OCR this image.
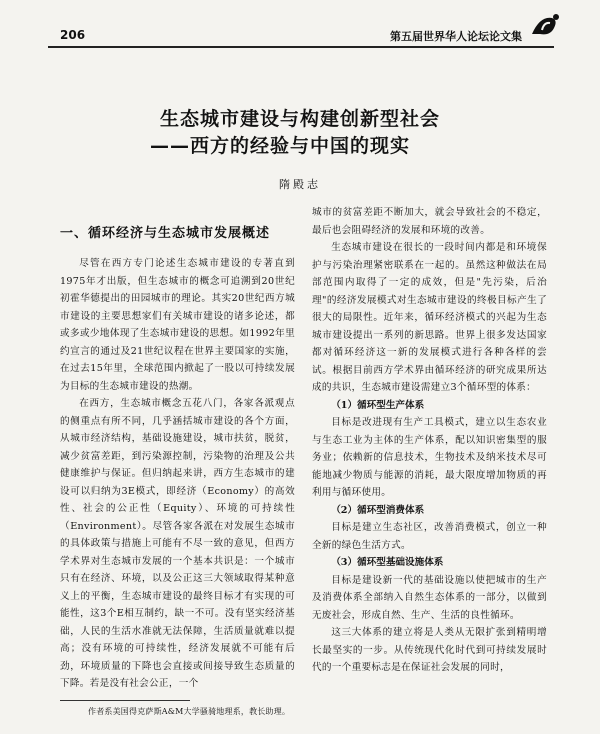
206	第五届世界华人论坛论文集
生态城市建设与构建创新型社会
——西方的经验与中国的现实
隋殿志
一、循环经济与生态城市发展概述

尽管在西方专门论述生态城市建设的专著直到1975年才出版，但生态城市的概念可追溯到20世纪初霍华德提出的田园城市的理论。其实20世纪西方城市建设的主要思想家们有关城市建设的诸多论述，都或多或少地体现了生态城市建设的思想。如1992年里约宣言的通过及21世纪议程在世界主要国家的实施，在过去15年里，全球范围内掀起了一股以可持续发展为目标的生态城市建设的热潮。

在西方，生态城市概念五花八门，各家各派观点的侧重点有所不同，几乎涵括城市建设的各个方面，从城市经济结构，基础设施建设，城市扶贫，脱贫，减少贫富差距，到污染源控制，污染物的治理及公共健康维护与保证。但归纳起来讲，西方生态城市的建设可以归纳为3E模式，即经济（Economy）的高效性、社会的公正性（Equity）、环境的可持续性（Environment）。尽管各家各派在对发展生态城市的具体政策与措施上可能有不尽一致的意见，但西方学术界对生态城市发展的一个基本共识是：一个城市只有在经济、环境，以及公正这三大领域取得某种意义上的平衡，生态城市建设的最终目标才有实现的可能性，这3个E相互制约，缺一不可。没有坚实经济基础，人民的生活水准就无法保障，生活质量就难以提高；没有环境的可持续性，经济发展就不可能有后劲，环境质量的下降也会直接或间接导致生态质量的下降。若是没有社会公正，一个

城市的贫富差距不断加大，就会导致社会的不稳定，最后也会阻碍经济的发展和环境的改善。

生态城市建设在很长的一段时间内都是和环境保护与污染治理紧密联系在一起的。虽然这种做法在局部范围内取得了一定的成效，但是"先污染，后治理"的经济发展模式对生态城市建设的终极目标产生了很大的局限性。近年来，循环经济模式的兴起为生态城市建设提出一系列的新思路。世界上很多发达国家都对循环经济这一新的发展模式进行各种各样的尝试。根据目前西方学术界由循环经济的研究成果所达成的共识，生态城市建设需建立3个循环型的体系：

（1）循环型生产体系

目标是改进现有生产工具模式，建立以生态农业与生态工业为主体的生产体系，配以知识密集型的服务业；依赖新的信息技术，生物技术及纳米技术尽可能地减少物质与能源的消耗，最大限度增加物质的再利用与循环使用。

（2）循环型消费体系

目标是建立生态社区，改善消费模式，创立一种全新的绿色生活方式。

（3）循环型基础设施体系

目标是建设新一代的基础设施以使把城市的生产及消费体系全部纳入自然生态体系的一部分，以做到无废社会，形成自然、生产、生活的良性循环。

这三大体系的建立将是人类从无限扩张到精明增长最坚实的一步。从传统现代化时代到可持续发展时代的一个重要标志是在保证社会发展的同时，

作者系美国得克萨斯A&M大学骚骑地理系，教长助理。
